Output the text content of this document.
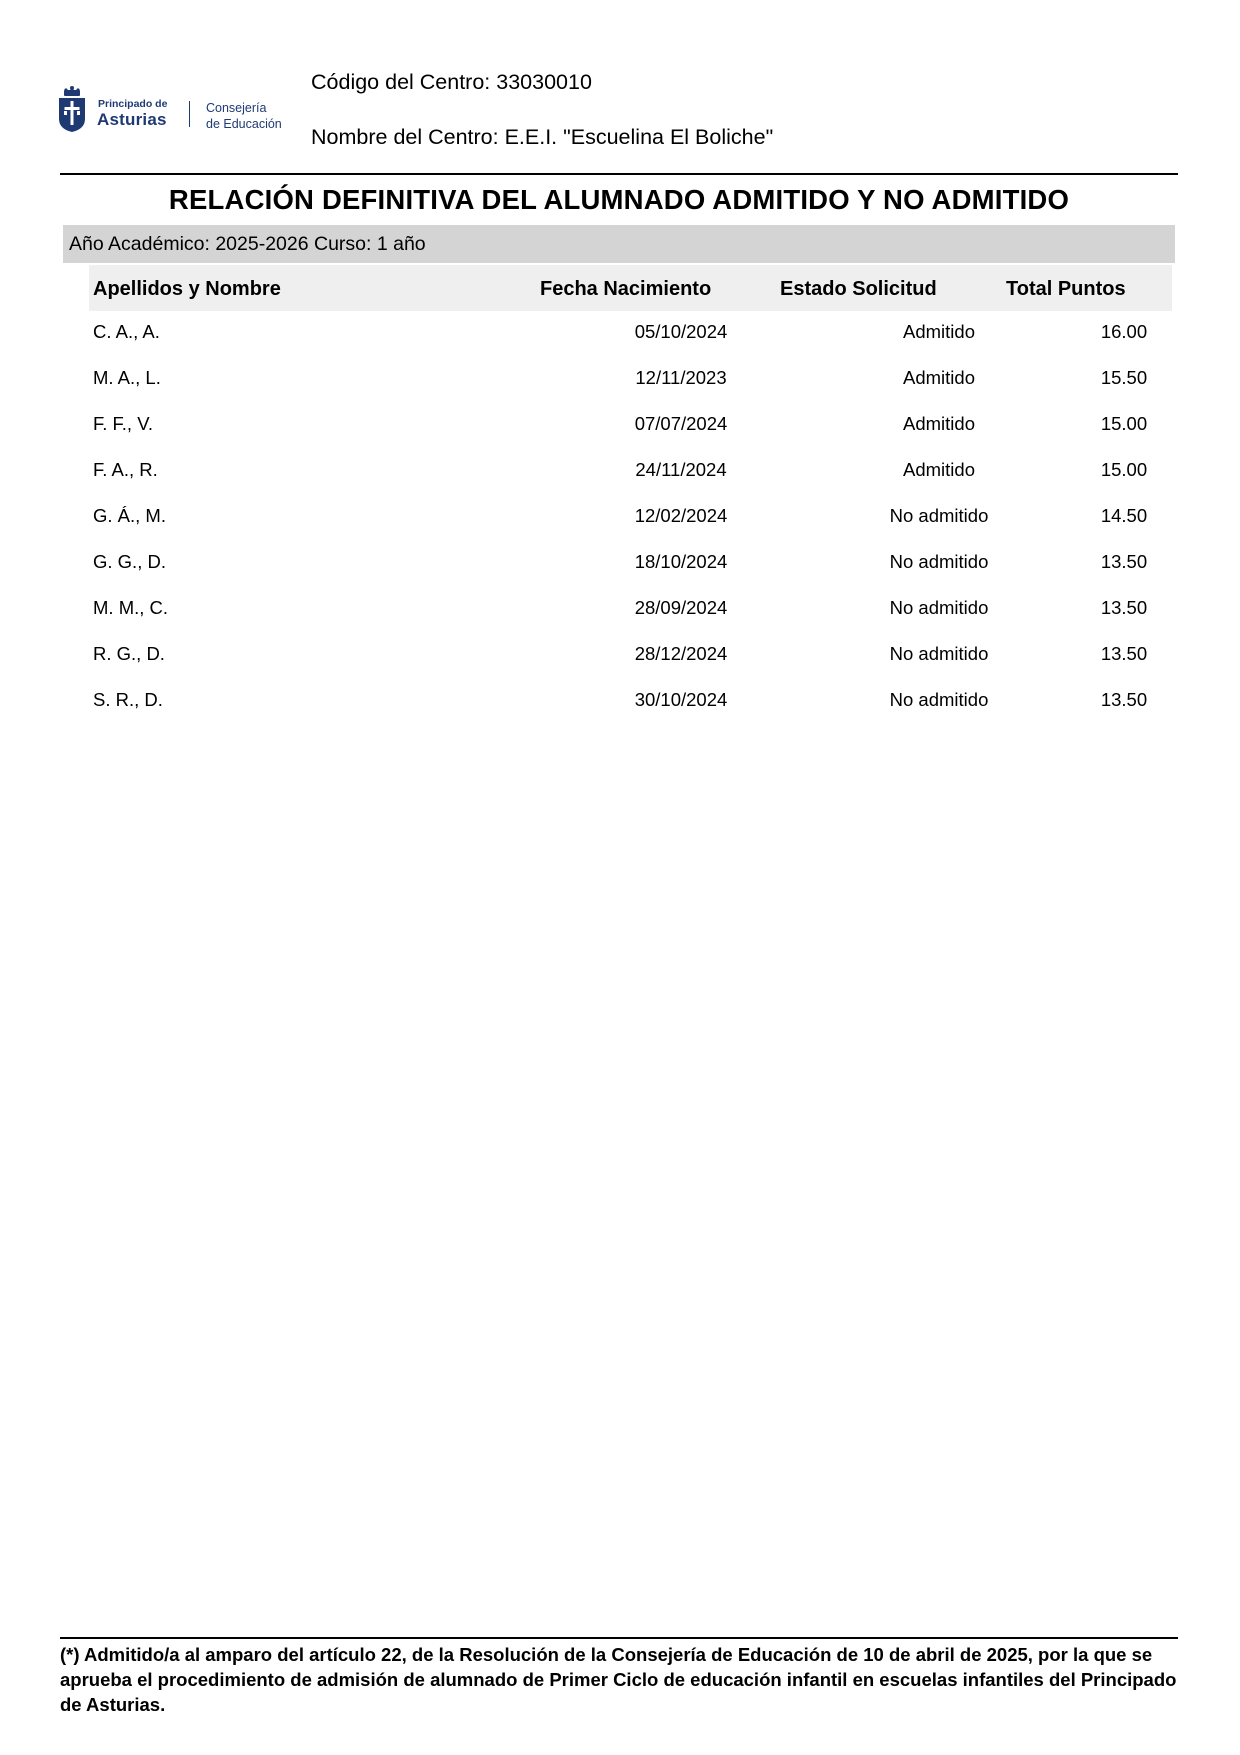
Principado de
Asturias
Consejería
de Educación
Código del Centro: 33030010
Nombre del Centro: E.E.I. "Escuelina El Boliche"
RELACIÓN DEFINITIVA DEL ALUMNADO ADMITIDO Y NO ADMITIDO
Año Académico: 2025-2026 Curso: 1 año
Apellidos y Nombre	Fecha Nacimiento	Estado Solicitud	Total Puntos
C. A., A.	05/10/2024	Admitido	16.00
M. A., L.	12/11/2023	Admitido	15.50
F. F., V.	07/07/2024	Admitido	15.00
F. A., R.	24/11/2024	Admitido	15.00
G. Á., M.	12/02/2024	No admitido	14.50
G. G., D.	18/10/2024	No admitido	13.50
M. M., C.	28/09/2024	No admitido	13.50
R. G., D.	28/12/2024	No admitido	13.50
S. R., D.	30/10/2024	No admitido	13.50
(*) Admitido/a al amparo del artículo 22, de la Resolución de la Consejería de Educación de 10 de abril de 2025, por la que se aprueba el procedimiento de admisión de alumnado de Primer Ciclo de educación infantil en escuelas infantiles del Principado de Asturias.
